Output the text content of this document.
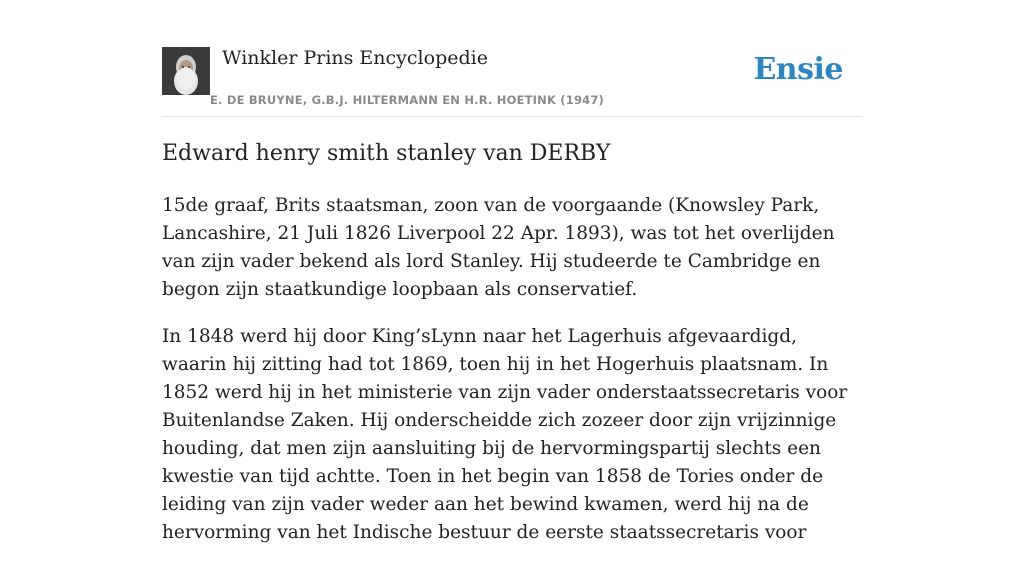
Winkler Prins Encyclopedie
E. DE BRUYNE, G.B.J. HILTERMANN EN H.R. HOETINK (1947)
Ensie
Edward henry smith stanley van DERBY

15de graaf, Brits staatsman, zoon van de voorgaande (Knowsley Park, Lancashire, 21 Juli 1826 Liverpool 22 Apr. 1893), was tot het overlijden van zijn vader bekend als lord Stanley. Hij studeerde te Cambridge en begon zijn staatkundige loopbaan als conservatief.

In 1848 werd hij door King’sLynn naar het Lagerhuis afgevaardigd, waarin hij zitting had tot 1869, toen hij in het Hogerhuis plaatsnam. In 1852 werd hij in het ministerie van zijn vader onderstaatssecretaris voor Buitenlandse Zaken. Hij onderscheidde zich zozeer door zijn vrijzinnige houding, dat men zijn aansluiting bij de hervormingspartij slechts een kwestie van tijd achtte. Toen in het begin van 1858 de Tories onder de leiding van zijn vader weder aan het bewind kwamen, werd hij na de hervorming van het Indische bestuur de eerste staatssecretaris voor
